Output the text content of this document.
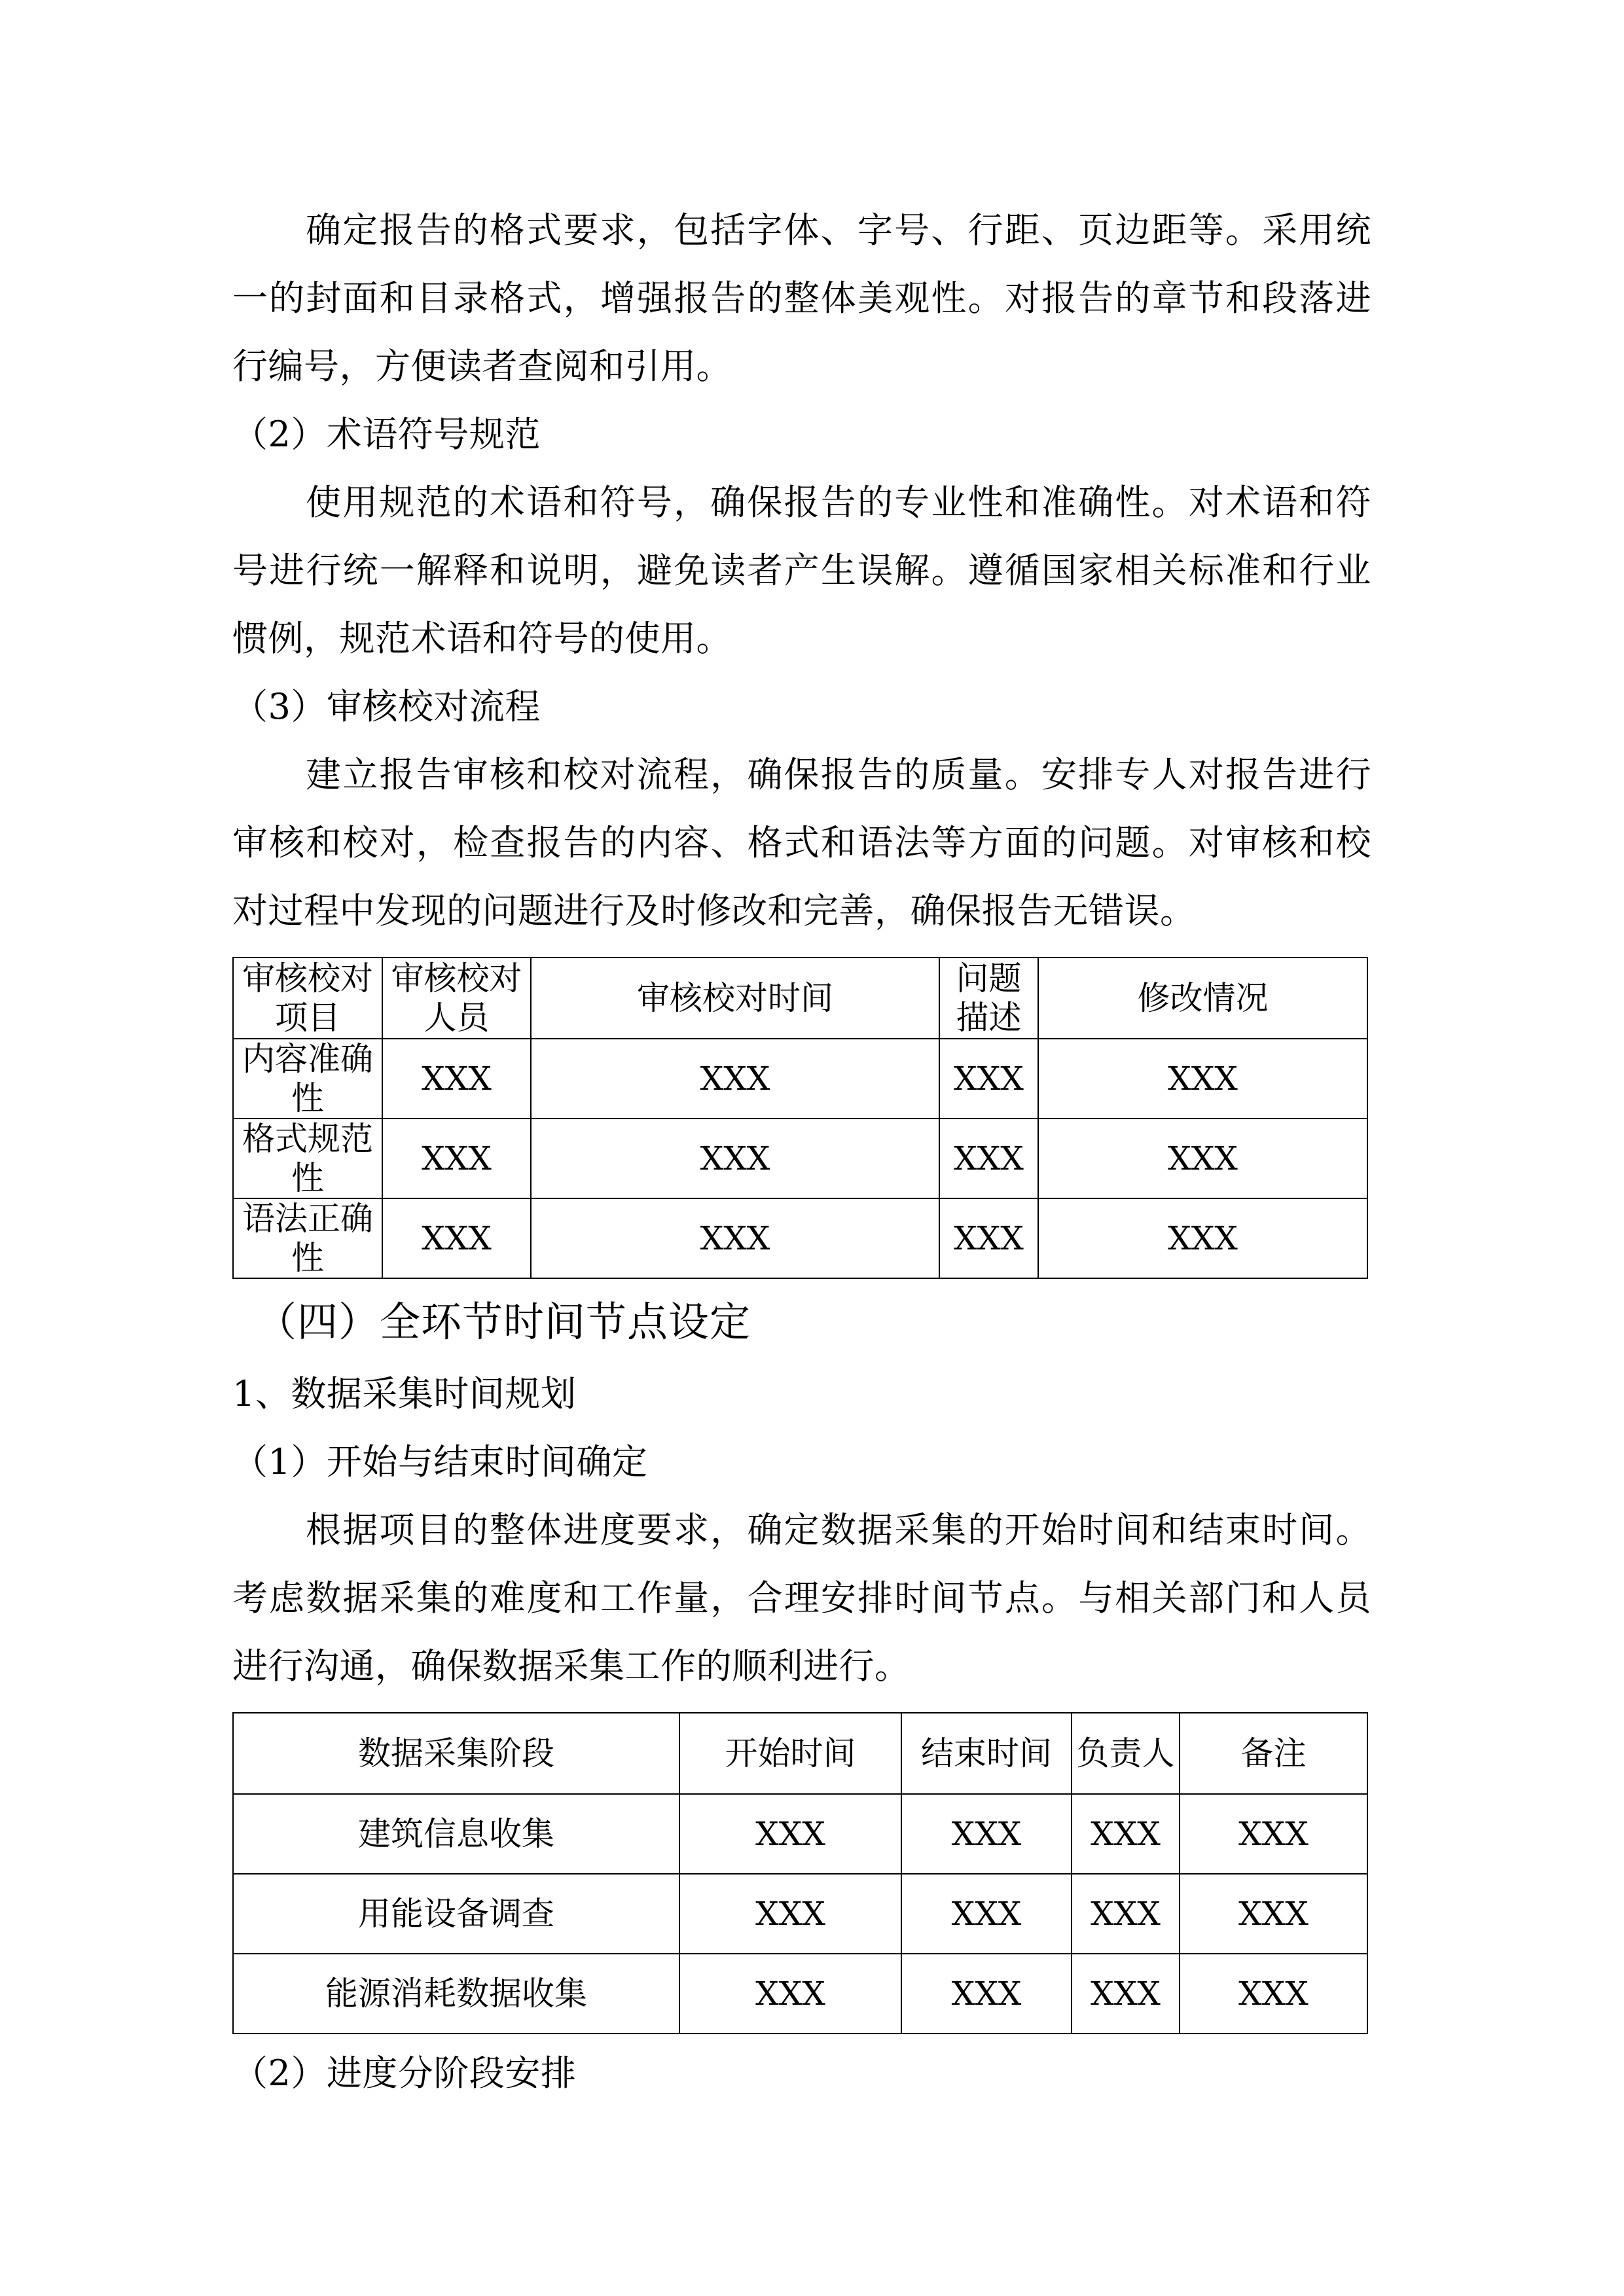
确定报告的格式要求，包括字体、字号、行距、页边距等。采用统一的封面和目录格式，增强报告的整体美观性。对报告的章节和段落进行编号，方便读者查阅和引用。

（2）术语符号规范

使用规范的术语和符号，确保报告的专业性和准确性。对术语和符号进行统一解释和说明，避免读者产生误解。遵循国家相关标准和行业惯例，规范术语和符号的使用。

（3）审核校对流程

建立报告审核和校对流程，确保报告的质量。安排专人对报告进行审核和校对，检查报告的内容、格式和语法等方面的问题。对审核和校对过程中发现的问题进行及时修改和完善，确保报告无错误。

审核校对项目	审核校对人员	审核校对时间	问题描述	修改情况
内容准确性	XXX	XXX	XXX	XXX
格式规范性	XXX	XXX	XXX	XXX
语法正确性	XXX	XXX	XXX	XXX
（四）全环节时间节点设定

1、数据采集时间规划

（1）开始与结束时间确定

根据项目的整体进度要求，确定数据采集的开始时间和结束时间。考虑数据采集的难度和工作量，合理安排时间节点。与相关部门和人员进行沟通，确保数据采集工作的顺利进行。

数据采集阶段	开始时间	结束时间	负责人	备注
建筑信息收集	XXX	XXX	XXX	XXX
用能设备调查	XXX	XXX	XXX	XXX
能源消耗数据收集	XXX	XXX	XXX	XXX

（2）进度分阶段安排
